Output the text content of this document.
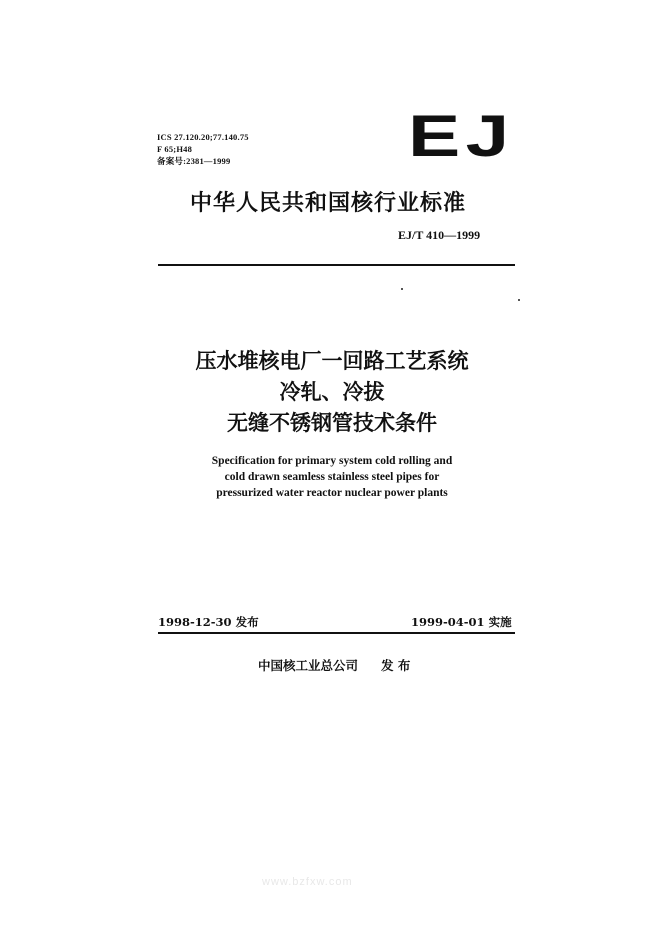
ICS 27.120.20;77.140.75
F 65;H48
备案号:2381—1999	EJ
中华人民共和国核行业标准
EJ/T 410—1999
压水堆核电厂一回路工艺系统
冷轧、冷拔
无缝不锈钢管技术条件
Specification for primary system cold rolling and
cold drawn seamless stainless steel pipes for
pressurized water reactor nuclear power plants
1998-12-30 发布	1999-04-01 实施
中国核工业总公司 发 布
www.bzfxw.com
